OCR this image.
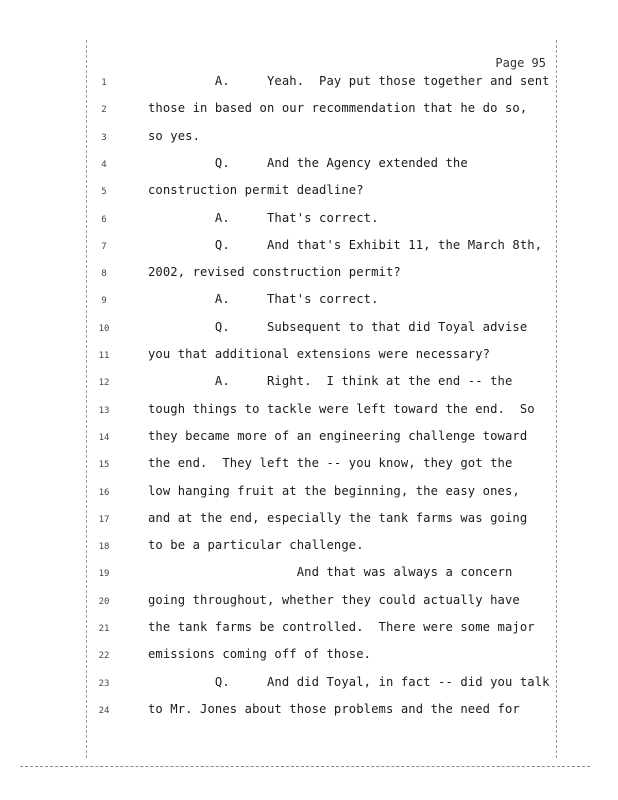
Page 95
1	A.     Yeah.  Pay put those together and sent
2	those in based on our recommendation that he do so,
3	so yes.
4	Q.     And the Agency extended the
5	construction permit deadline?
6	A.     That's correct.
7	Q.     And that's Exhibit 11, the March 8th,
8	2002, revised construction permit?
9	A.     That's correct.
10	Q.     Subsequent to that did Toyal advise
11	you that additional extensions were necessary?
12	A.     Right.  I think at the end -- the
13	tough things to tackle were left toward the end.  So
14	they became more of an engineering challenge toward
15	the end.  They left the -- you know, they got the
16	low hanging fruit at the beginning, the easy ones,
17	and at the end, especially the tank farms was going
18	to be a particular challenge.
19	And that was always a concern
20	going throughout, whether they could actually have
21	the tank farms be controlled.  There were some major
22	emissions coming off of those.
23	Q.     And did Toyal, in fact -- did you talk
24	to Mr. Jones about those problems and the need for
